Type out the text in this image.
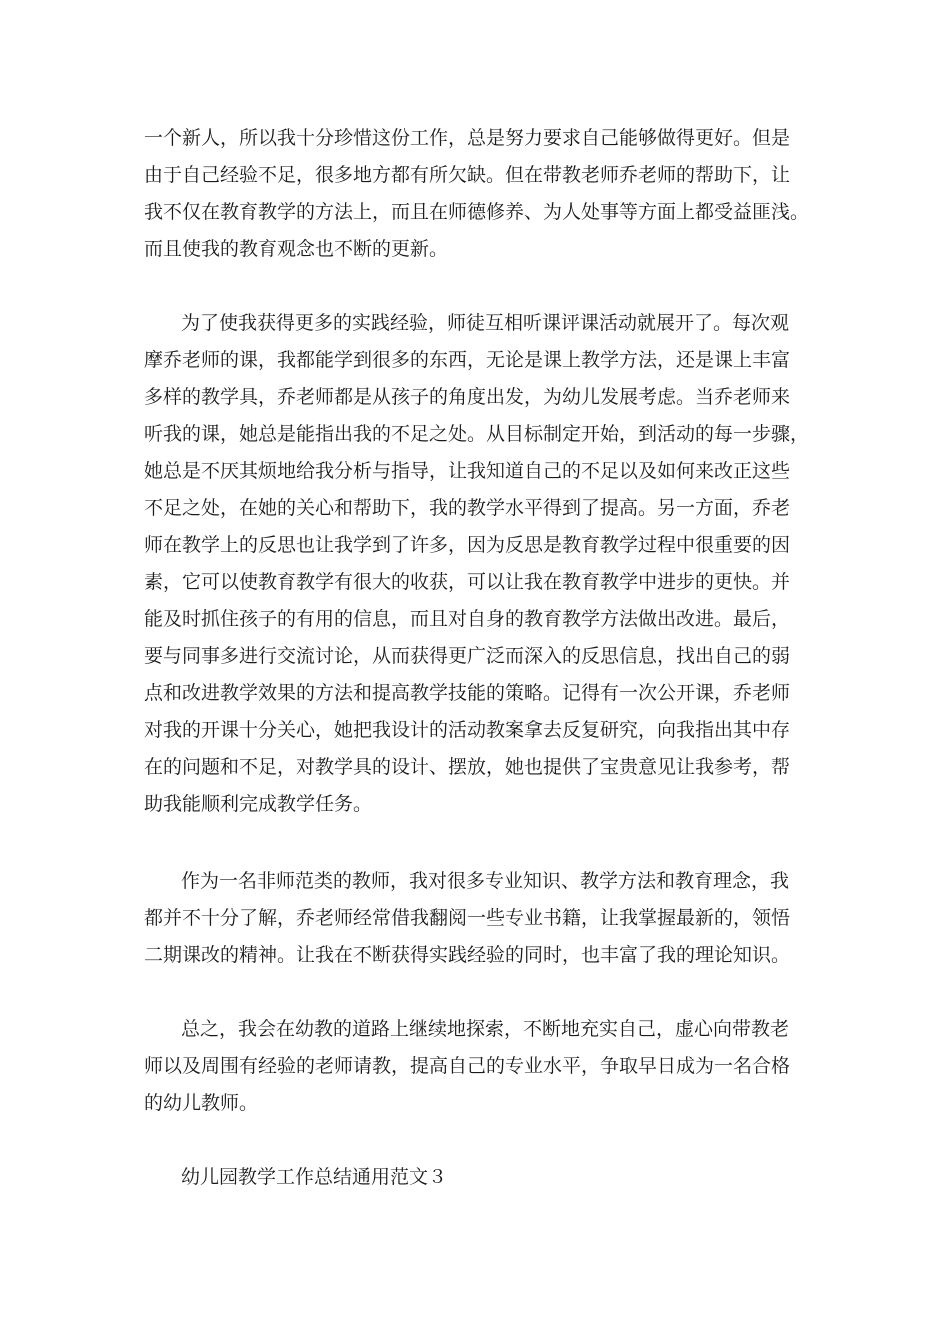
一个新人，所以我十分珍惜这份工作，总是努力要求自己能够做得更好。但是
由于自己经验不足，很多地方都有所欠缺。但在带教老师乔老师的帮助下，让
我不仅在教育教学的方法上，而且在师德修养、为人处事等方面上都受益匪浅。
而且使我的教育观念也不断的更新。
为了使我获得更多的实践经验，师徒互相听课评课活动就展开了。每次观
摩乔老师的课，我都能学到很多的东西，无论是课上教学方法，还是课上丰富
多样的教学具，乔老师都是从孩子的角度出发，为幼儿发展考虑。当乔老师来
听我的课，她总是能指出我的不足之处。从目标制定开始，到活动的每一步骤，
她总是不厌其烦地给我分析与指导，让我知道自己的不足以及如何来改正这些
不足之处，在她的关心和帮助下，我的教学水平得到了提高。另一方面，乔老
师在教学上的反思也让我学到了许多，因为反思是教育教学过程中很重要的因
素，它可以使教育教学有很大的收获，可以让我在教育教学中进步的更快。并
能及时抓住孩子的有用的信息，而且对自身的教育教学方法做出改进。最后，
要与同事多进行交流讨论，从而获得更广泛而深入的反思信息，找出自己的弱
点和改进教学效果的方法和提高教学技能的策略。记得有一次公开课，乔老师
对我的开课十分关心，她把我设计的活动教案拿去反复研究，向我指出其中存
在的问题和不足，对教学具的设计、摆放，她也提供了宝贵意见让我参考，帮
助我能顺利完成教学任务。
作为一名非师范类的教师，我对很多专业知识、教学方法和教育理念，我
都并不十分了解，乔老师经常借我翻阅一些专业书籍，让我掌握最新的，领悟
二期课改的精神。让我在不断获得实践经验的同时，也丰富了我的理论知识。
总之，我会在幼教的道路上继续地探索，不断地充实自己，虚心向带教老
师以及周围有经验的老师请教，提高自己的专业水平，争取早日成为一名合格
的幼儿教师。
幼儿园教学工作总结通用范文３
